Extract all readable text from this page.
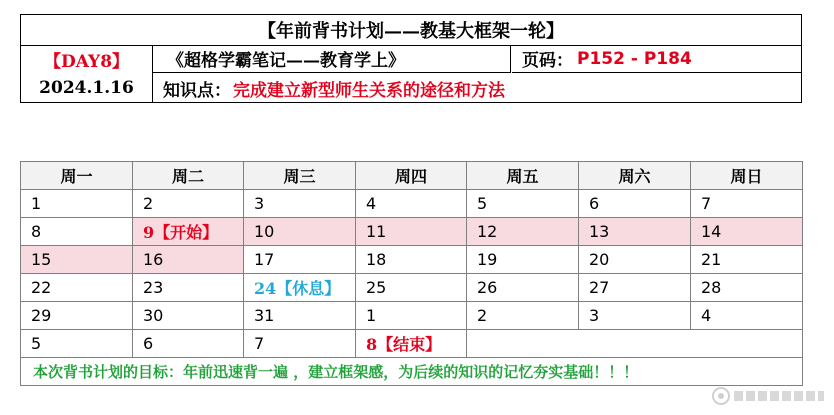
【年前背书计划——教基大框架一轮】
【DAY8】
2024.1.16
《超格学霸笔记——教育学上》	页码： P152 - P184
知识点： 完成建立新型师生关系的途径和方法
周一	周二	周三	周四	周五	周六	周日
1	2	3	4	5	6	7
8	9【开始】	10	11	12	13	14
15	16	17	18	19	20	21
22	23	24【休息】	25	26	27	28
29	30	31	1	2	3	4
5	6	7	8【结束】			
本次背书计划的目标：年前迅速背一遍 ，建立框架感，为后续的知识的记忆夯实基础！！！						
